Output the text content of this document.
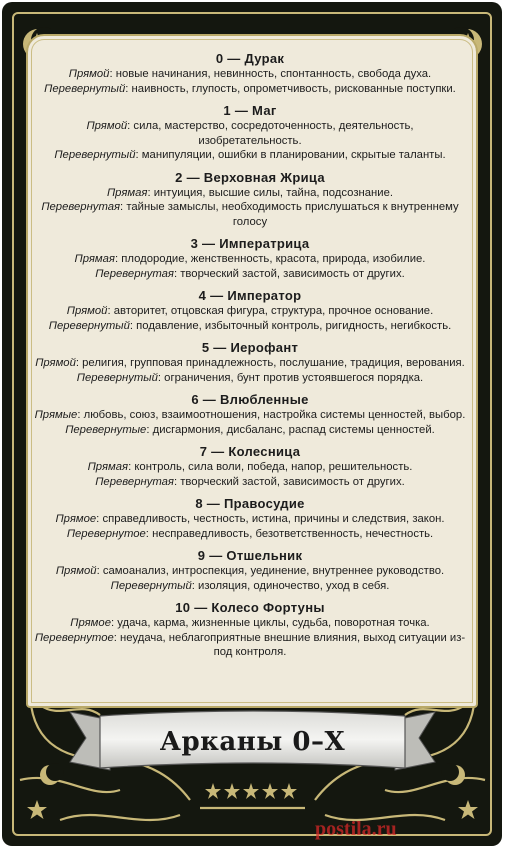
0 — Дурак
Прямой: новые начинания, невинность, спонтанность, свобода духа.
Перевернутый: наивность, глупость, опрометчивость, рискованные поступки.
1 — Маг
Прямой: сила, мастерство, сосредоточенность, деятельность, изобретательность.
Перевернутый: манипуляции, ошибки в планировании, скрытые таланты.
2 — Верховная Жрица
Прямая: интуиция, высшие силы, тайна, подсознание.
Перевернутая: тайные замыслы, необходимость прислушаться к внутреннему голосу
3 — Императрица
Прямая: плодородие, женственность, красота, природа, изобилие.
Перевернутая: творческий застой, зависимость от других.
4 — Император
Прямой: авторитет, отцовская фигура, структура, прочное основание.
Перевернутый: подавление, избыточный контроль, ригидность, негибкость.
5 — Иерофант
Прямой: религия, групповая принадлежность, послушание, традиция, верования.
Перевернутый: ограничения, бунт против устоявшегося порядка.
6 — Влюбленные
Прямые: любовь, союз, взаимоотношения, настройка системы ценностей, выбор.
Перевернутые: дисгармония, дисбаланс, распад системы ценностей.
7 — Колесница
Прямая: контроль, сила воли, победа, напор, решительность.
Перевернутая: творческий застой, зависимость от других.
8 — Правосудие
Прямое: справедливость, честность, истина, причины и следствия, закон.
Перевернутое: несправедливость, безответственность, нечестность.
9 — Отшельник
Прямой: самоанализ, интроспекция, уединение, внутреннее руководство.
Перевернутый: изоляция, одиночество, уход в себя.
10 — Колесо Фортуны
Прямое: удача, карма, жизненные циклы, судьба, поворотная точка.
Перевернутое: неудача, неблагоприятные внешние влияния, выход ситуации из-под контроля.
Арканы 0–X
postila.ru
